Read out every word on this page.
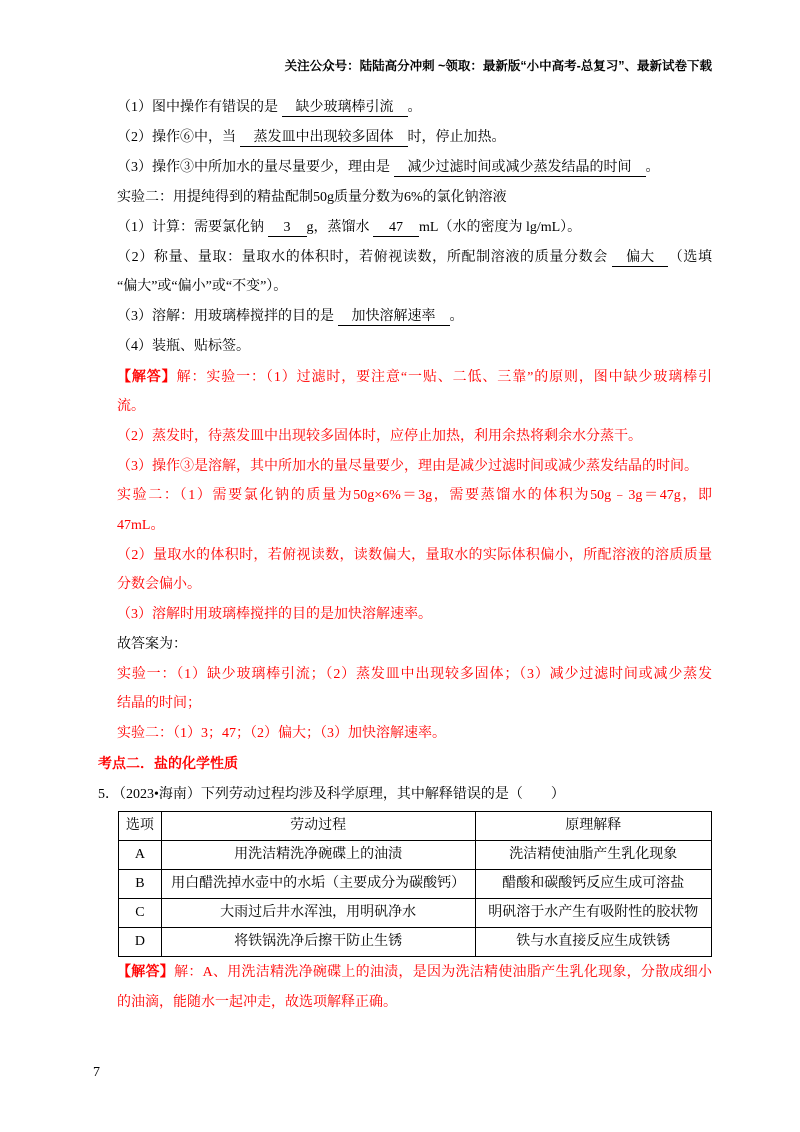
关注公众号：陆陆高分冲刺 ~领取：最新版“小中高考-总复习”、最新试卷下载
（1）图中操作有错误的是 缺少玻璃棒引流 。
（2）操作⑥中，当 蒸发皿中出现较多固体 时，停止加热。
（3）操作③中所加水的量尽量要少，理由是 减少过滤时间或减少蒸发结晶的时间 。
实验二：用提纯得到的精盐配制50g质量分数为6%的氯化钠溶液
（1）计算：需要氯化钠 3 g，蒸馏水 47 mL（水的密度为 lg/mL）。
（2）称量、量取：量取水的体积时，若俯视读数，所配制溶液的质量分数会 偏大 （选填
“偏大”或“偏小”或“不变”）。
（3）溶解：用玻璃棒搅拌的目的是 加快溶解速率 。
（4）装瓶、贴标签。
【解答】解：实验一：（1）过滤时，要注意“一贴、二低、三靠”的原则，图中缺少玻璃棒引
流。
（2）蒸发时，待蒸发皿中出现较多固体时，应停止加热，利用余热将剩余水分蒸干。
（3）操作③是溶解，其中所加水的量尽量要少，理由是减少过滤时间或减少蒸发结晶的时间。
实验二：（1）需要氯化钠的质量为50g×6%＝3g，需要蒸馏水的体积为50g﹣3g＝47g，即
47mL。
（2）量取水的体积时，若俯视读数，读数偏大，量取水的实际体积偏小，所配溶液的溶质质量
分数会偏小。
（3）溶解时用玻璃棒搅拌的目的是加快溶解速率。
故答案为：
实验一：（1）缺少玻璃棒引流；（2）蒸发皿中出现较多固体；（3）减少过滤时间或减少蒸发
结晶的时间；
实验二：（1）3；47；（2）偏大；（3）加快溶解速率。
考点二．盐的化学性质
5．（2023•海南）下列劳动过程均涉及科学原理，其中解释错误的是（　　）
选项	劳动过程	原理解释
A	用洗洁精洗净碗碟上的油渍	洗洁精使油脂产生乳化现象
B	用白醋洗掉水壶中的水垢（主要成分为碳酸钙）	醋酸和碳酸钙反应生成可溶盐
C	大雨过后井水浑浊，用明矾净水	明矾溶于水产生有吸附性的胶状物
D	将铁锅洗净后擦干防止生锈	铁与水直接反应生成铁锈
【解答】解：A、用洗洁精洗净碗碟上的油渍，是因为洗洁精使油脂产生乳化现象，分散成细小
的油滴，能随水一起冲走，故选项解释正确。
7
